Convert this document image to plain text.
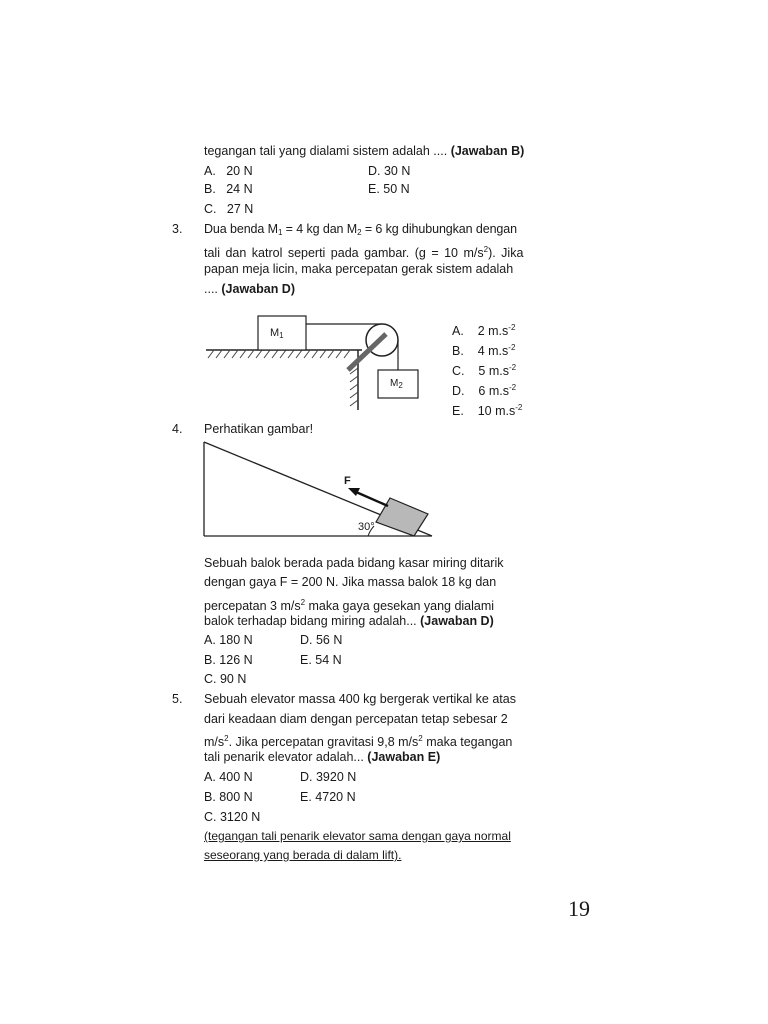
tegangan tali yang dialami sistem adalah .... (Jawaban B)
A. 20 N
B. 24 N
C. 27 N
D. 30 N
E. 50 N
3. Dua benda $M_1 = 4$ kg dan $M_2 = 6$ kg dihubungkan dengan
tali dan katrol seperti pada gambar. (g = 10 $m/s^2$). Jika
papan meja licin, maka percepatan gerak sistem adalah
.... (Jawaban D)
$M_1$
$M_2$
A. 2 $m.s^{-2}$
B. 4 $m.s^{-2}$
C. 5 $m.s^{-2}$
D. 6 $m.s^{-2}$
E. 10 $m.s^{-2}$
4. Perhatikan gambar!
F
30°
Sebuah balok berada pada bidang kasar miring ditarik
dengan gaya F = 200 N. Jika massa balok 18 kg dan
percepatan 3 $m/s^2$ maka gaya gesekan yang dialami
balok terhadap bidang miring adalah... (Jawaban D)
A. 180 N
B. 126 N
C. 90 N
D. 56 N
E. 54 N
5. Sebuah elevator massa 400 kg bergerak vertikal ke atas
dari keadaan diam dengan percepatan tetap sebesar 2
$m/s^2$. Jika percepatan gravitasi 9,8 $m/s^2$ maka tegangan
tali penarik elevator adalah... (Jawaban E)
A. 400 N
B. 800 N
C. 3120 N
D. 3920 N
E. 4720 N
(tegangan tali penarik elevator sama dengan gaya normal
seseorang yang berada di dalam lift).
19
